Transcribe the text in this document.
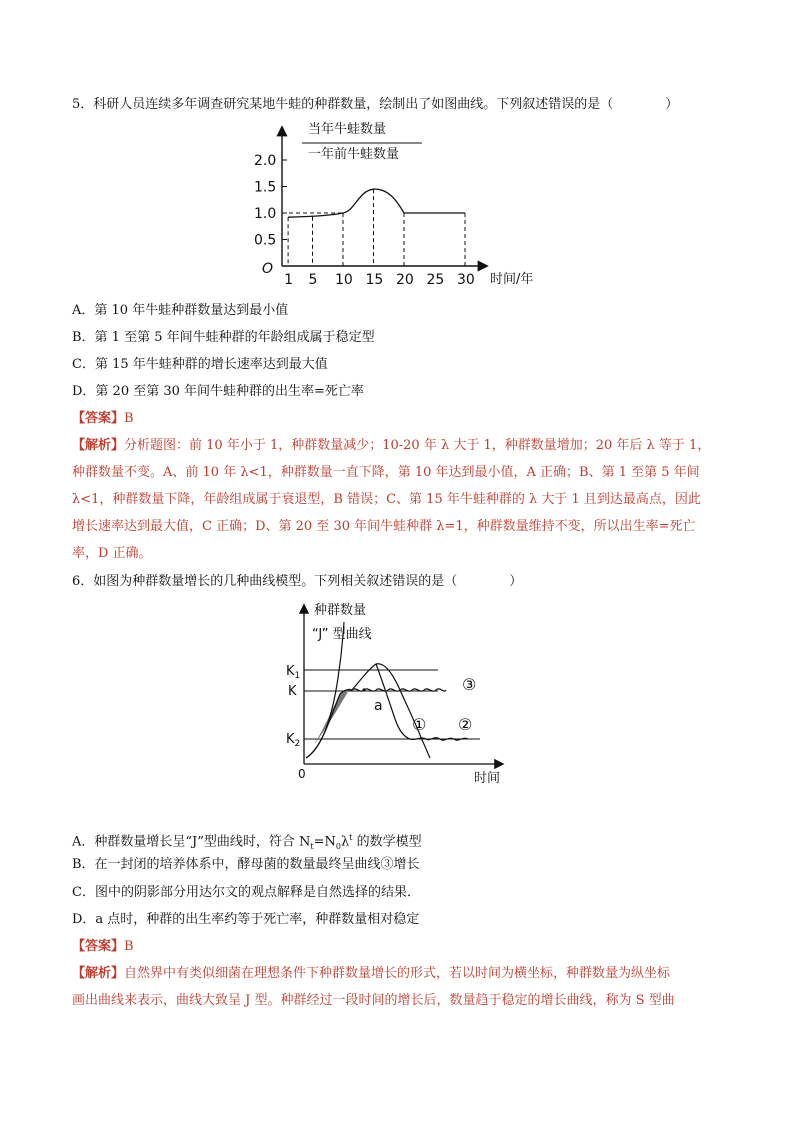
5．科研人员连续多年调查研究某地牛蛙的种群数量，绘制出了如图曲线。下列叙述错误的是（　　　　）
当年牛蛙数量
一年前牛蛙数量
O
时间/年
0.5
1.0
1.5
2.0
1 5 10 15 20 25 30
A．第 10 年牛蛙种群数量达到最小值
B．第 1 至第 5 年间牛蛙种群的年龄组成属于稳定型
C．第 15 年牛蛙种群的增长速率达到最大值
D．第 20 至第 30 年间牛蛙种群的出生率=死亡率
【答案】B
【解析】分析题图：前 10 年小于 1，种群数量减少；10-20 年 λ 大于 1，种群数量增加；20 年后 λ 等于 1，
种群数量不变。A、前 10 年 λ<1，种群数量一直下降，第 10 年达到最小值，A 正确；B、第 1 至第 5 年间
λ<1，种群数量下降，年龄组成属于衰退型，B 错误；C、第 15 年牛蛙种群的 λ 大于 1 且到达最高点，因此
增长速率达到最大值，C 正确；D、第 20 至 30 年间牛蛙种群 λ=1，种群数量维持不变，所以出生率=死亡
率，D 正确。
6．如图为种群数量增长的几种曲线模型。下列相关叙述错误的是（　　　　）
种群数量
“J” 型曲线
0	时间
$K_1$
K
$K_2$
a
① ②
③
A．种群数量增长呈“J”型曲线时，符合 $N_t=N_0\lambda^t$ 的数学模型
B．在一封闭的培养体系中，酵母菌的数量最终呈曲线③增长
C．图中的阴影部分用达尔文的观点解释是自然选择的结果．
D．a 点时，种群的出生率约等于死亡率，种群数量相对稳定
【答案】B
【解析】自然界中有类似细菌在理想条件下种群数量增长的形式，若以时间为横坐标，种群数量为纵坐标
画出曲线来表示，曲线大致呈 J 型。种群经过一段时间的增长后，数量趋于稳定的增长曲线，称为 S 型曲
